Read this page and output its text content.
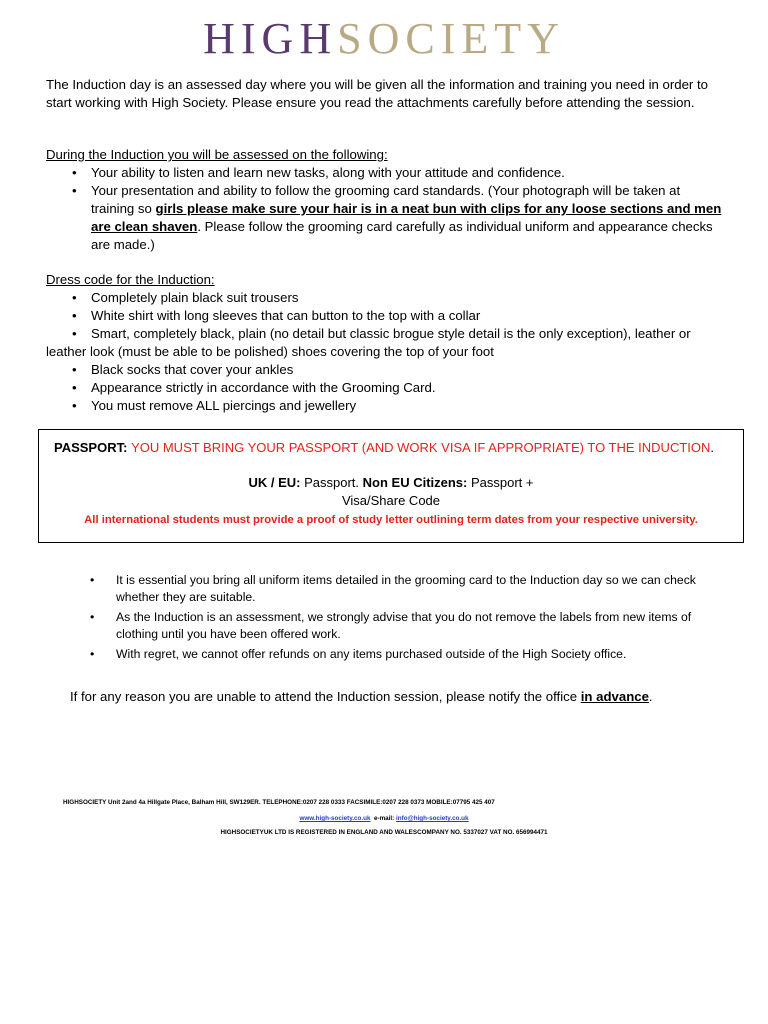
HIGHSOCIETY
The Induction day is an assessed day where you will be given all the information and training you need in order to start working with High Society. Please ensure you read the attachments carefully before attending the session.
During the Induction you will be assessed on the following:
• Your ability to listen and learn new tasks, along with your attitude and confidence.
• Your presentation and ability to follow the grooming card standards. (Your photograph will be taken at training so girls please make sure your hair is in a neat bun with clips for any loose sections and men are clean shaven. Please follow the grooming card carefully as individual uniform and appearance checks are made.)
Dress code for the Induction:
• Completely plain black suit trousers
• White shirt with long sleeves that can button to the top with a collar
• Smart, completely black, plain (no detail but classic brogue style detail is the only exception), leather or leather look (must be able to be polished) shoes covering the top of your foot
• Black socks that cover your ankles
• Appearance strictly in accordance with the Grooming Card.
• You must remove ALL piercings and jewellery
PASSPORT: YOU MUST BRING YOUR PASSPORT (AND WORK VISA IF APPROPRIATE) TO THE INDUCTION.
UK / EU: Passport. Non EU Citizens: Passport +
Visa/Share Code
All international students must provide a proof of study letter outlining term dates from your respective university.
• It is essential you bring all uniform items detailed in the grooming card to the Induction day so we can check whether they are suitable.
• As the Induction is an assessment, we strongly advise that you do not remove the labels from new items of clothing until you have been offered work.
• With regret, we cannot offer refunds on any items purchased outside of the High Society office.
If for any reason you are unable to attend the Induction session, please notify the office in advance.
HIGHSOCIETY Unit 2and 4a Hillgate Place, Balham Hill, SW129ER. TELEPHONE:0207 228 0333 FACSIMILE:0207 228 0373 MOBILE:07795 425 407
www.high-society.co.uk e-mail: info@high-society.co.uk
HIGHSOCIETYUK LTD IS REGISTERED IN ENGLAND AND WALESCOMPANY NO. 5337027 VAT NO. 656994471
